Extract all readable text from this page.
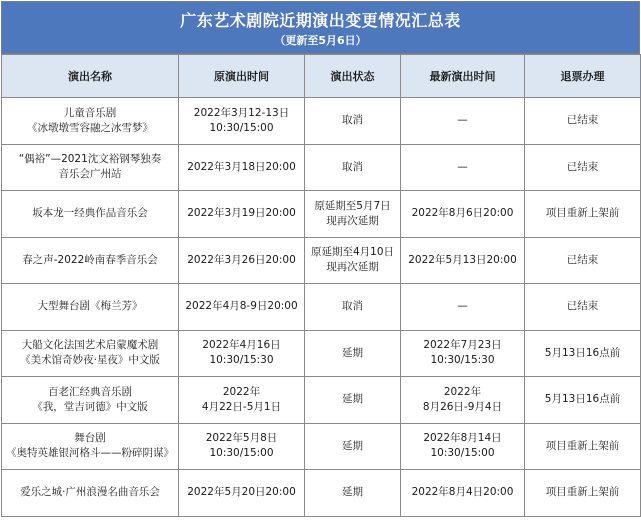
广东艺术剧院近期演出变更情况汇总表
（更新至5月6日）
演出名称	原演出时间	演出状态	最新演出时间	退票办理

儿童音乐剧
《冰墩墩雪容融之冰雪梦》	2022年3月12-13日
10:30/15:00	取消	—	已结束

“偶裕”—2021沈文裕钢琴独奏
音乐会广州站	2022年3月18日20:00	取消	—	已结束

坂本龙一经典作品音乐会	2022年3月19日20:00	原延期至5月7日
现再次延期	2022年8月6日20:00	项目重新上架前

春之声-2022岭南春季音乐会	2022年3月26日20:00	原延期至4月10日
现再次延期	2022年5月13日20:00	已结束

大型舞台剧《梅兰芳》	2022年4月8-9日20:00	取消	—	已结束

大船文化法国艺术启蒙魔术剧
《美术馆奇妙夜·星夜》中文版	2022年4月16日
10:30/15:30	延期	2022年7月23日
10:30/15:30	5月13日16点前

百老汇经典音乐剧
《我，堂吉诃德》中文版	2022年
4月22日-5月1日	延期	2022年
8月26日-9月4日	5月13日16点前

舞台剧
《奥特英雄银河格斗——粉碎阴谋》	2022年5月8日
10:30/15:00	延期	2022年8月14日
10:30/15:00	项目重新上架前

爱乐之城·广州浪漫名曲音乐会	2022年5月20日20:00	延期	2022年8月4日20:00	项目重新上架前
